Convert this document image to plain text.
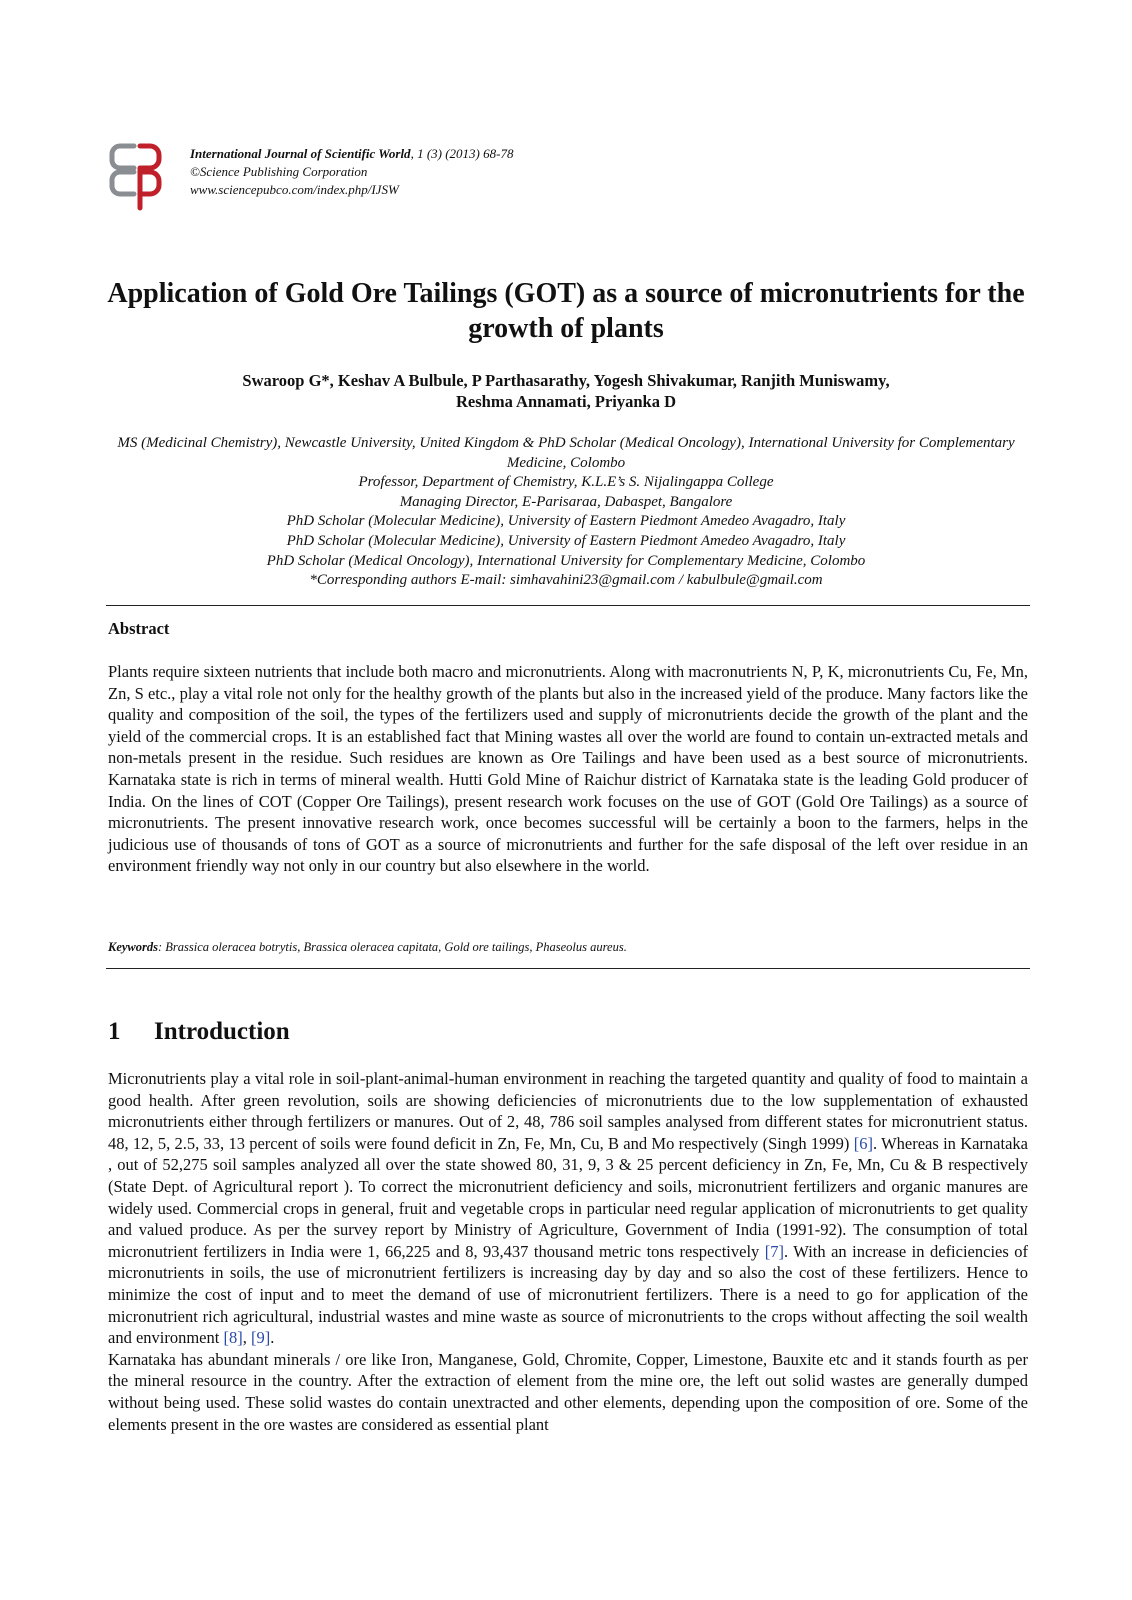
International Journal of Scientific World, 1 (3) (2013) 68-78
©Science Publishing Corporation
www.sciencepubco.com/index.php/IJSW
Application of Gold Ore Tailings (GOT) as a source of micronutrients for the growth of plants
Swaroop G*, Keshav A Bulbule, P Parthasarathy, Yogesh Shivakumar, Ranjith Muniswamy,
Reshma Annamati, Priyanka D
MS (Medicinal Chemistry), Newcastle University, United Kingdom & PhD Scholar (Medical Oncology), International University for Complementary Medicine, Colombo
Professor, Department of Chemistry, K.L.E’s S. Nijalingappa College
Managing Director, E-Parisaraa, Dabaspet, Bangalore
PhD Scholar (Molecular Medicine), University of Eastern Piedmont Amedeo Avagadro, Italy
PhD Scholar (Molecular Medicine), University of Eastern Piedmont Amedeo Avagadro, Italy
PhD Scholar (Medical Oncology), International University for Complementary Medicine, Colombo
*Corresponding authors E-mail: simhavahini23@gmail.com / kabulbule@gmail.com
Abstract

Plants require sixteen nutrients that include both macro and micronutrients. Along with macronutrients N, P, K, micronutrients Cu, Fe, Mn, Zn, S etc., play a vital role not only for the healthy growth of the plants but also in the increased yield of the produce. Many factors like the quality and composition of the soil, the types of the fertilizers used and supply of micronutrients decide the growth of the plant and the yield of the commercial crops. It is an established fact that Mining wastes all over the world are found to contain un-extracted metals and non-metals present in the residue. Such residues are known as Ore Tailings and have been used as a best source of micronutrients. Karnataka state is rich in terms of mineral wealth. Hutti Gold Mine of Raichur district of Karnataka state is the leading Gold producer of India. On the lines of COT (Copper Ore Tailings), present research work focuses on the use of GOT (Gold Ore Tailings) as a source of micronutrients. The present innovative research work, once becomes successful will be certainly a boon to the farmers, helps in the judicious use of thousands of tons of GOT as a source of micronutrients and further for the safe disposal of the left over residue in an environment friendly way not only in our country but also elsewhere in the world.

Keywords: Brassica oleracea botrytis, Brassica oleracea capitata, Gold ore tailings, Phaseolus aureus.

1 Introduction

Micronutrients play a vital role in soil-plant-animal-human environment in reaching the targeted quantity and quality of food to maintain a good health. After green revolution, soils are showing deficiencies of micronutrients due to the low supplementation of exhausted micronutrients either through fertilizers or manures. Out of 2, 48, 786 soil samples analysed from different states for micronutrient status. 48, 12, 5, 2.5, 33, 13 percent of soils were found deficit in Zn, Fe, Mn, Cu, B and Mo respectively (Singh 1999) [6]. Whereas in Karnataka , out of 52,275 soil samples analyzed all over the state showed 80, 31, 9, 3 & 25 percent deficiency in Zn, Fe, Mn, Cu & B respectively (State Dept. of Agricultural report ). To correct the micronutrient deficiency and soils, micronutrient fertilizers and organic manures are widely used. Commercial crops in general, fruit and vegetable crops in particular need regular application of micronutrients to get quality and valued produce. As per the survey report by Ministry of Agriculture, Government of India (1991-92). The consumption of total micronutrient fertilizers in India were 1, 66,225 and 8, 93,437 thousand metric tons respectively [7]. With an increase in deficiencies of micronutrients in soils, the use of micronutrient fertilizers is increasing day by day and so also the cost of these fertilizers. Hence to minimize the cost of input and to meet the demand of use of micronutrient fertilizers. There is a need to go for application of the micronutrient rich agricultural, industrial wastes and mine waste as source of micronutrients to the crops without affecting the soil wealth and environment [8], [9].

Karnataka has abundant minerals / ore like Iron, Manganese, Gold, Chromite, Copper, Limestone, Bauxite etc and it stands fourth as per the mineral resource in the country. After the extraction of element from the mine ore, the left out solid wastes are generally dumped without being used. These solid wastes do contain unextracted and other elements, depending upon the composition of ore. Some of the elements present in the ore wastes are considered as essential plant
